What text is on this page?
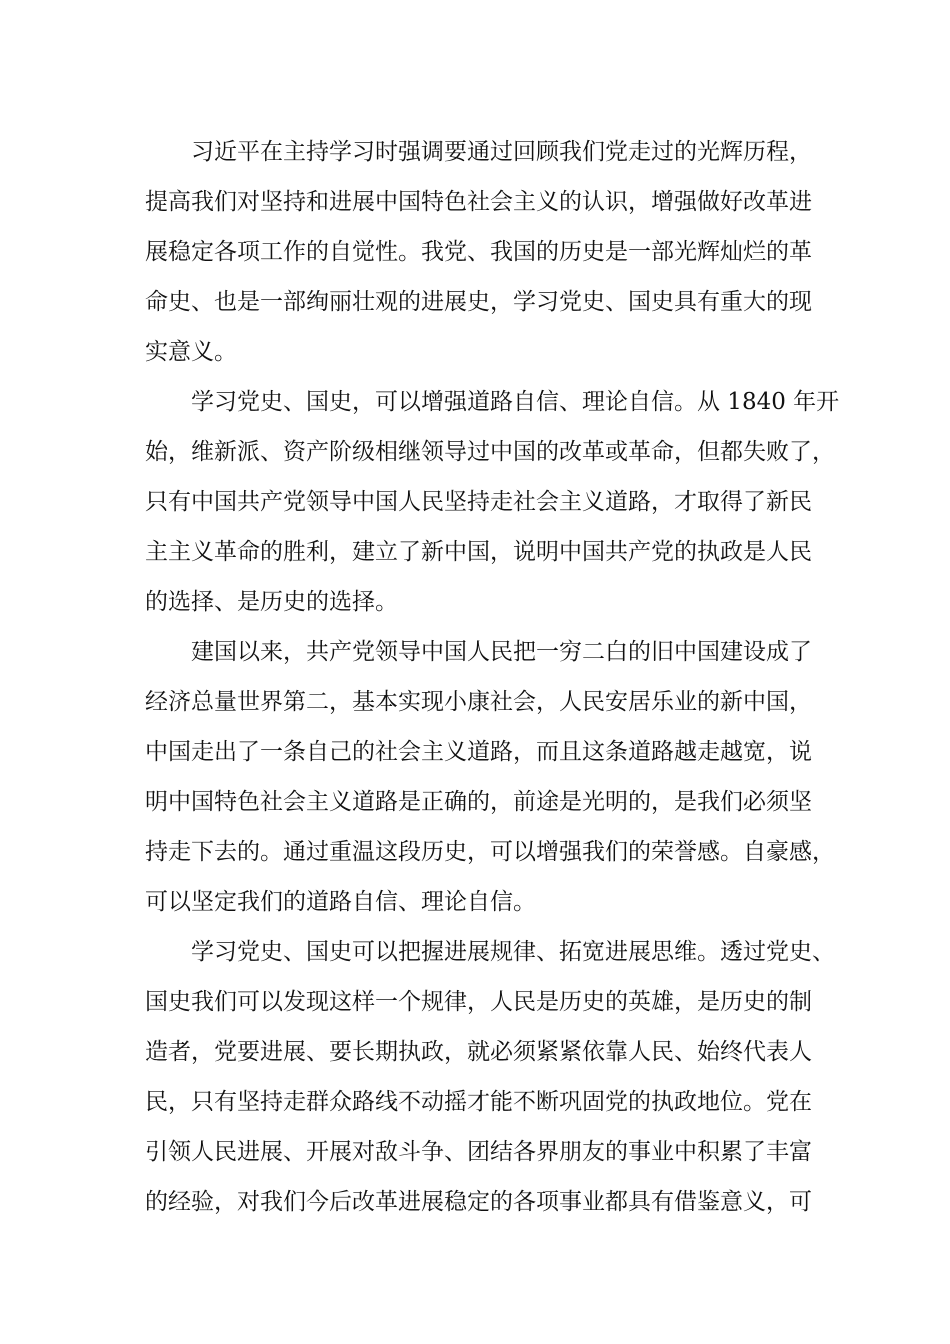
习近平在主持学习时强调要通过回顾我们党走过的光辉历程，
提高我们对坚持和进展中国特色社会主义的认识，增强做好改革进
展稳定各项工作的自觉性。我党、我国的历史是一部光辉灿烂的革
命史、也是一部绚丽壮观的进展史，学习党史、国史具有重大的现
实意义。
学习党史、国史，可以增强道路自信、理论自信。从 1840 年开
始，维新派、资产阶级相继领导过中国的改革或革命，但都失败了，
只有中国共产党领导中国人民坚持走社会主义道路，才取得了新民
主主义革命的胜利，建立了新中国，说明中国共产党的执政是人民
的选择、是历史的选择。
建国以来，共产党领导中国人民把一穷二白的旧中国建设成了
经济总量世界第二，基本实现小康社会，人民安居乐业的新中国，
中国走出了一条自己的社会主义道路，而且这条道路越走越宽，说
明中国特色社会主义道路是正确的，前途是光明的，是我们必须坚
持走下去的。通过重温这段历史，可以增强我们的荣誉感。自豪感，
可以坚定我们的道路自信、理论自信。
学习党史、国史可以把握进展规律、拓宽进展思维。透过党史、
国史我们可以发现这样一个规律，人民是历史的英雄，是历史的制
造者，党要进展、要长期执政，就必须紧紧依靠人民、始终代表人
民，只有坚持走群众路线不动摇才能不断巩固党的执政地位。党在
引领人民进展、开展对敌斗争、团结各界朋友的事业中积累了丰富
的经验，对我们今后改革进展稳定的各项事业都具有借鉴意义，可
